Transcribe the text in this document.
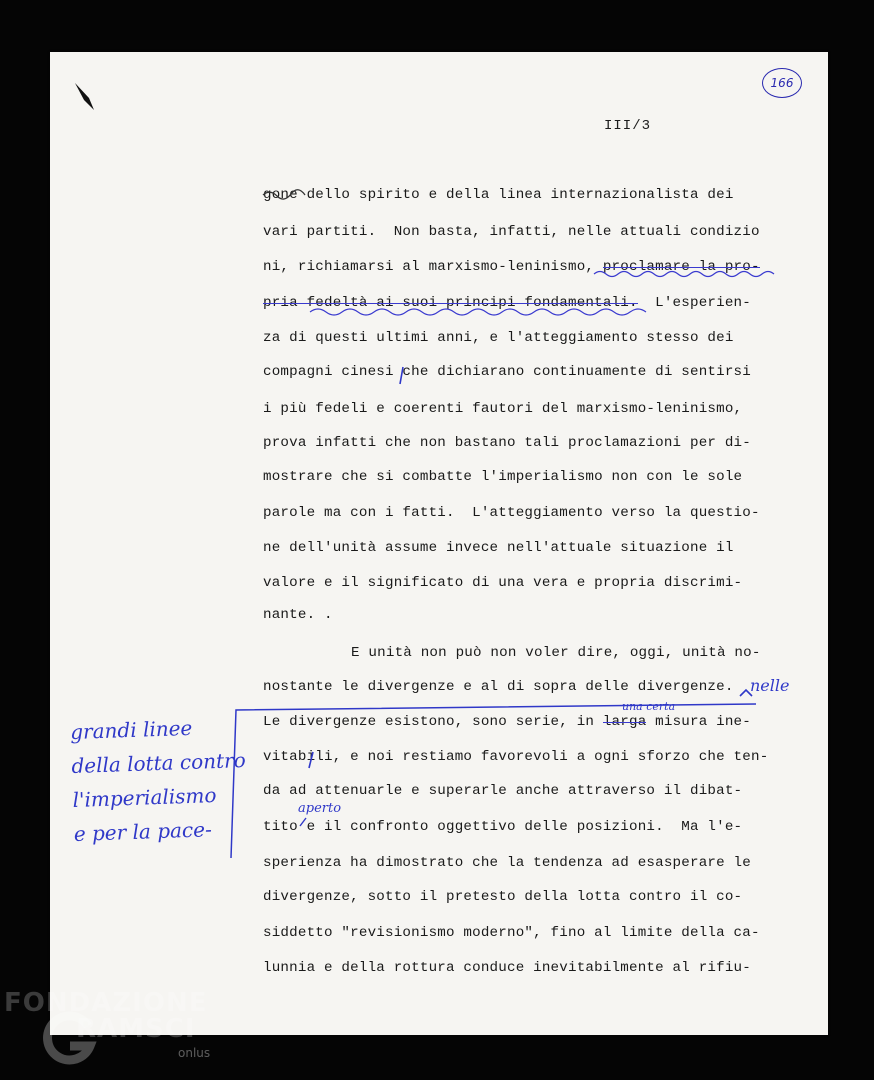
166
III/3
gone dello spirito e della linea internazionalista dei
vari partiti.  Non basta, infatti, nelle attuali condizio
ni, richiamarsi al marxismo-leninismo, proclamare la pro-
pria fedeltà ai suoi principi fondamentali.  L'esperien-
za di questi ultimi anni, e l'atteggiamento stesso dei
compagni cinesi che dichiarano continuamente di sentirsi
i più fedeli e coerenti fautori del marxismo-leninismo,
prova infatti che non bastano tali proclamazioni per di-
mostrare che si combatte l'imperialismo non con le sole
parole ma con i fatti.  L'atteggiamento verso la questio-
ne dell'unità assume invece nell'attuale situazione il
valore e il significato di una vera e propria discrimi-
nante. .
E unità non può non voler dire, oggi, unità no-
nostante le divergenze e al di sopra delle divergenze.
Le divergenze esistono, sono serie, in larga misura ine-
vitabili, e noi restiamo favorevoli a ogni sforzo che ten-
da ad attenuarle e superarle anche attraverso il dibat-
tito e il confronto oggettivo delle posizioni.  Ma l'e-
sperienza ha dimostrato che la tendenza ad esasperare le
divergenze, sotto il pretesto della lotta contro il co-
siddetto "revisionismo moderno", fino al limite della ca-
lunnia e della rottura conduce inevitabilmente al rifiu-
nelle
una certa
aperto
grandi linee
della lotta contro
l'imperialismo
e per la pace-
FONDAZIONE
RAMSCI
onlus
